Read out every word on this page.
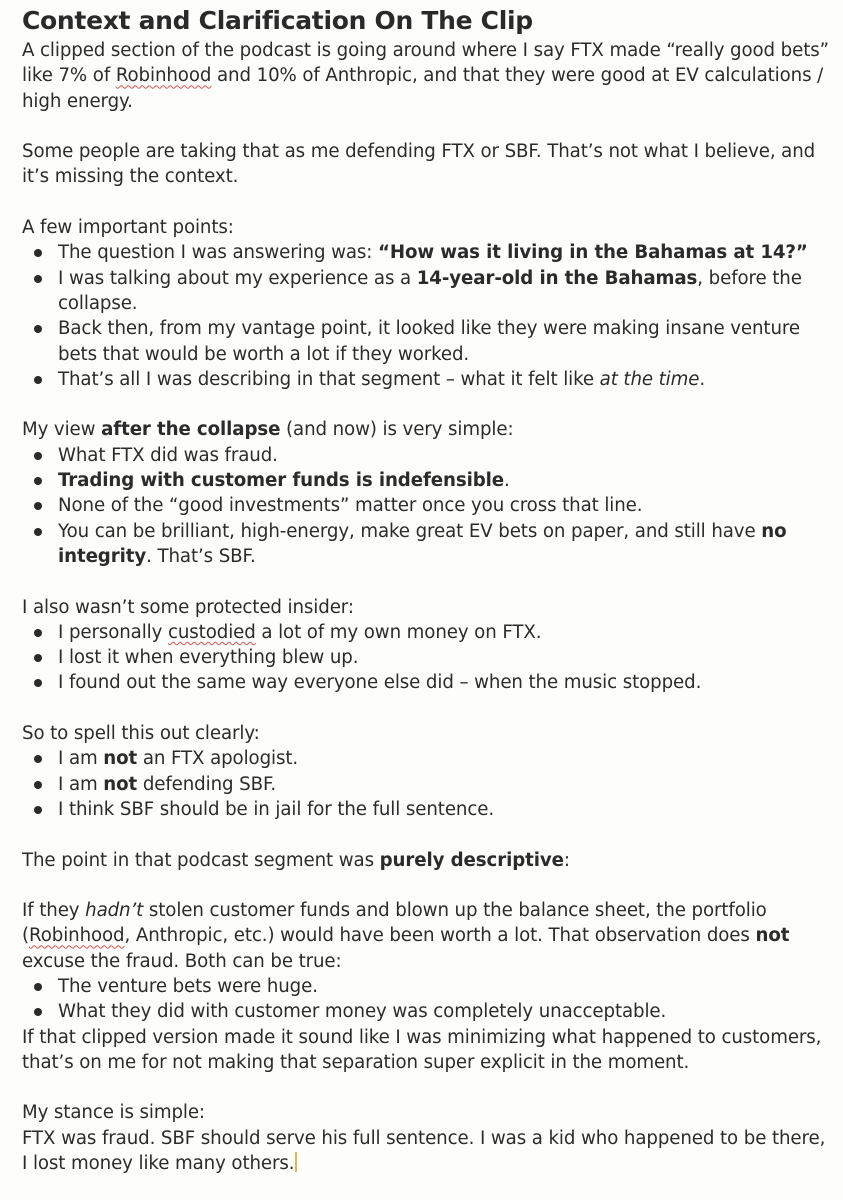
Context and Clarification On The Clip

A clipped section of the podcast is going around where I say FTX made “really good bets” like 7% of Robinhood and 10% of Anthropic, and that they were good at EV calculations / high energy.

Some people are taking that as me defending FTX or SBF. That’s not what I believe, and it’s missing the context.

A few important points:

The question I was answering was: “How was it living in the Bahamas at 14?”
I was talking about my experience as a 14-year-old in the Bahamas, before the collapse.
Back then, from my vantage point, it looked like they were making insane venture bets that would be worth a lot if they worked.
That’s all I was describing in that segment – what it felt like at the time.

My view after the collapse (and now) is very simple:

What FTX did was fraud.
Trading with customer funds is indefensible.
None of the “good investments” matter once you cross that line.
You can be brilliant, high-energy, make great EV bets on paper, and still have no integrity. That’s SBF.

I also wasn’t some protected insider:

I personally custodied a lot of my own money on FTX.
I lost it when everything blew up.
I found out the same way everyone else did – when the music stopped.

So to spell this out clearly:

I am not an FTX apologist.
I am not defending SBF.
I think SBF should be in jail for the full sentence.

The point in that podcast segment was purely descriptive:

If they hadn’t stolen customer funds and blown up the balance sheet, the portfolio (Robinhood, Anthropic, etc.) would have been worth a lot. That observation does not excuse the fraud. Both can be true:

The venture bets were huge.
What they did with customer money was completely unacceptable.

If that clipped version made it sound like I was minimizing what happened to customers, that’s on me for not making that separation super explicit in the moment.

My stance is simple:

FTX was fraud. SBF should serve his full sentence. I was a kid who happened to be there, I lost money like many others.
